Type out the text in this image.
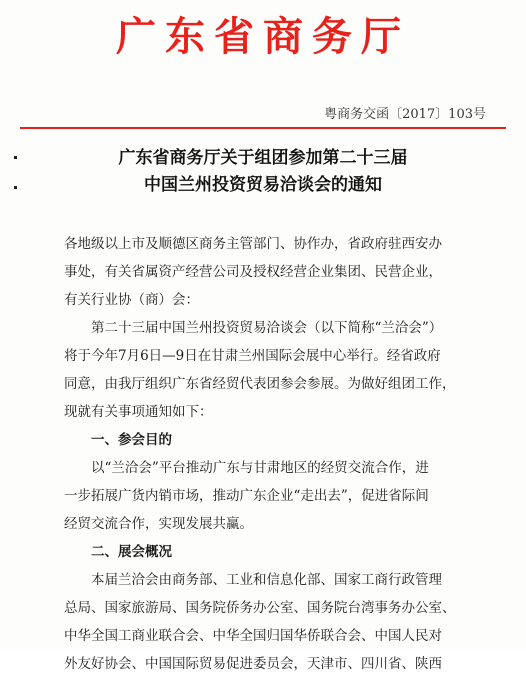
广东省商务厅
粤商务交函〔2017〕103号
广东省商务厅关于组团参加第二十三届
中国兰州投资贸易洽谈会的通知
各地级以上市及顺德区商务主管部门、协作办，省政府驻西安办
事处，有关省属资产经营公司及授权经营企业集团、民营企业，
有关行业协（商）会：
第二十三届中国兰州投资贸易洽谈会（以下简称“兰洽会”）
将于今年7月6日—9日在甘肃兰州国际会展中心举行。经省政府
同意，由我厅组织广东省经贸代表团参会参展。为做好组团工作，
现就有关事项通知如下：
一、参会目的
以“兰洽会”平台推动广东与甘肃地区的经贸交流合作，进
一步拓展广货内销市场，推动广东企业“走出去”，促进省际间
经贸交流合作，实现发展共赢。
二、展会概况
本届兰洽会由商务部、工业和信息化部、国家工商行政管理
总局、国家旅游局、国务院侨务办公室、国务院台湾事务办公室、
中华全国工商业联合会、中华全国归国华侨联合会、中国人民对
外友好协会、中国国际贸易促进委员会，天津市、四川省、陕西
